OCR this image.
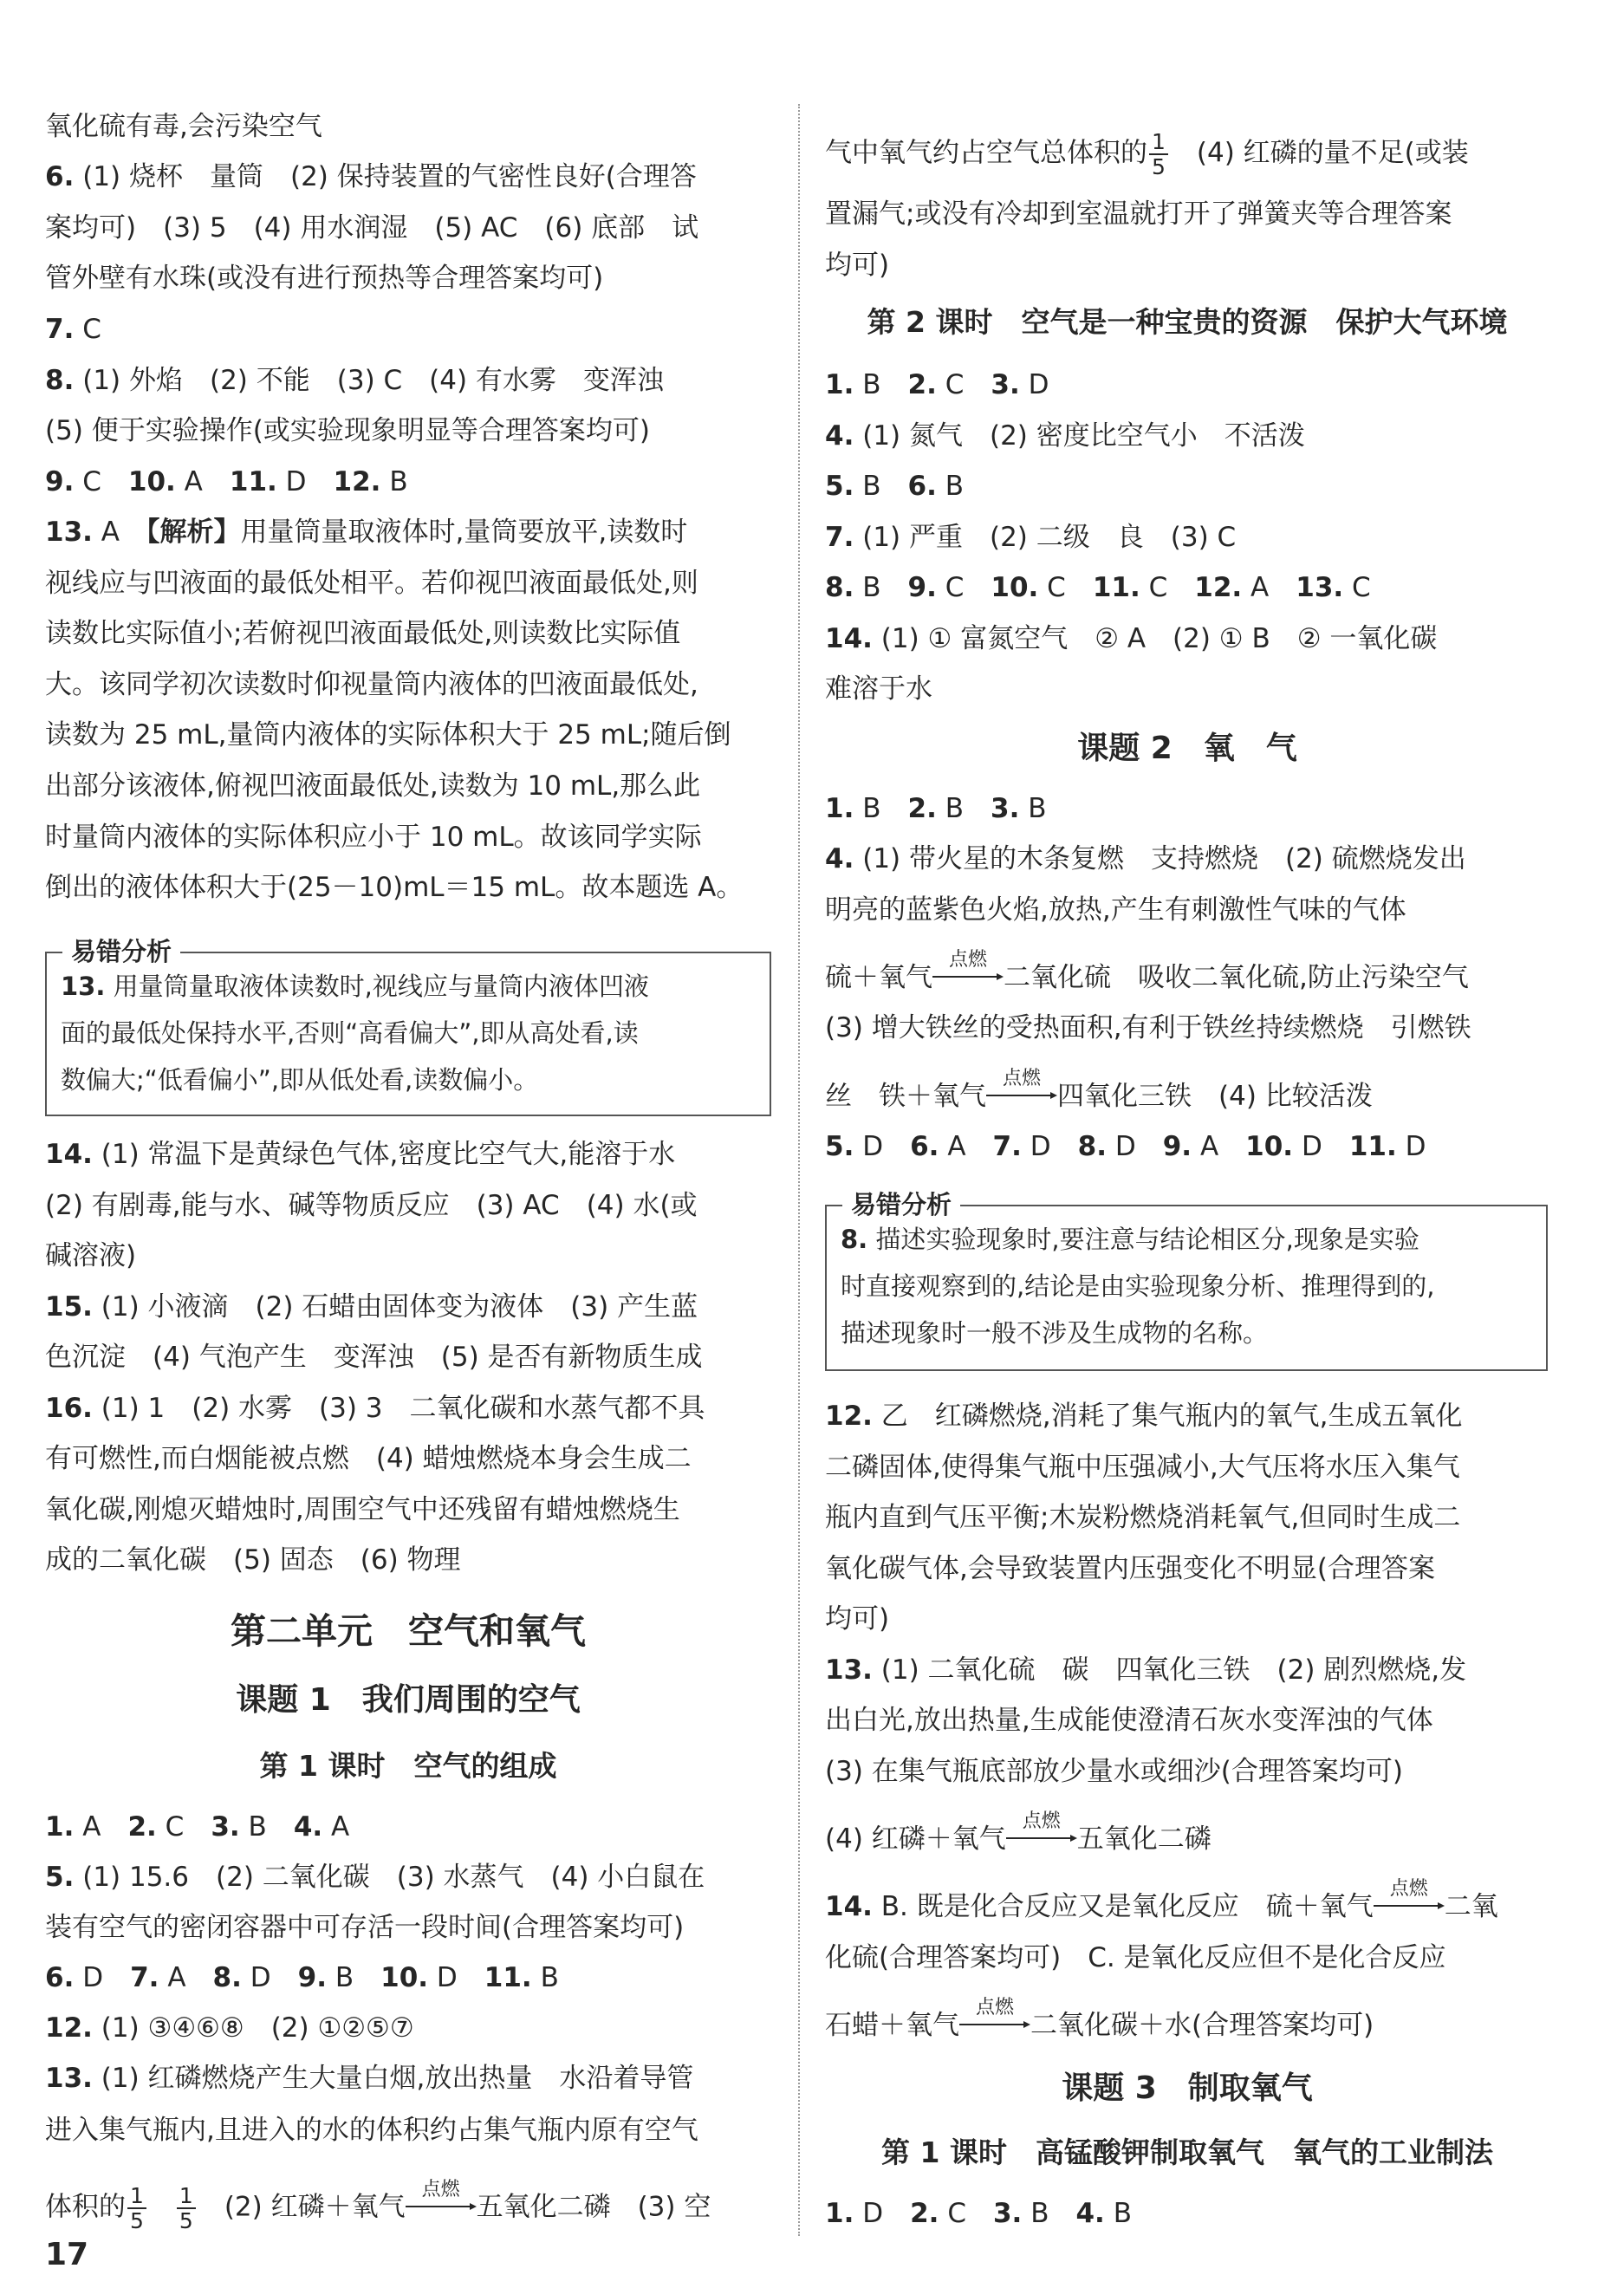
氧化硫有毒,会污染空气
6. (1) 烧杯　量筒　(2) 保持装置的气密性良好(合理答
案均可)　(3) 5　(4) 用水润湿　(5) AC　(6) 底部　试
管外壁有水珠(或没有进行预热等合理答案均可)
7. C
8. (1) 外焰　(2) 不能　(3) C　(4) 有水雾　变浑浊
(5) 便于实验操作(或实验现象明显等合理答案均可)
9. C　 10. A　 11. D　 12. B
13. A　 【解析】用量筒量取液体时,量筒要放平,读数时
视线应与凹液面的最低处相平。若仰视凹液面最低处,则
读数比实际值小;若俯视凹液面最低处,则读数比实际值
大。该同学初次读数时仰视量筒内液体的凹液面最低处,
读数为 25 mL,量筒内液体的实际体积大于 25 mL;随后倒
出部分该液体,俯视凹液面最低处,读数为 10 mL,那么此
时量筒内液体的实际体积应小于 10 mL。故该同学实际
倒出的液体体积大于(25－10)mL＝15 mL。故本题选 A。
易错分析
13. 用量筒量取液体读数时,视线应与量筒内液体凹液
面的最低处保持水平,否则“高看偏大”,即从高处看,读
数偏大;“低看偏小”,即从低处看,读数偏小。
14. (1) 常温下是黄绿色气体,密度比空气大,能溶于水
(2) 有剧毒,能与水、碱等物质反应　(3) AC　(4) 水(或
碱溶液)
15. (1) 小液滴　(2) 石蜡由固体变为液体　(3) 产生蓝
色沉淀　(4) 气泡产生　变浑浊　(5) 是否有新物质生成
16. (1) 1　(2) 水雾　(3) 3　二氧化碳和水蒸气都不具
有可燃性,而白烟能被点燃　(4) 蜡烛燃烧本身会生成二
氧化碳,刚熄灭蜡烛时,周围空气中还残留有蜡烛燃烧生
成的二氧化碳　(5) 固态　(6) 物理
第二单元　空气和氧气
课题 1　我们周围的空气
第 1 课时　空气的组成
1. A　 2. C　 3. B　 4. A
5. (1) 15.6　(2) 二氧化碳　(3) 水蒸气　(4) 小白鼠在
装有空气的密闭容器中可存活一段时间(合理答案均可)
6. D　 7. A　 8. D　 9. B　 10. D　 11. B
12. (1) ③④⑥⑧　(2) ①②⑤⑦
13. (1) 红磷燃烧产生大量白烟,放出热量　水沿着导管
进入集气瓶内,且进入的水的体积约占集气瓶内原有空气
体积的 $\frac{1}{5}$
　 $\frac{1}{5}$
　 (2) 红磷＋氧气
点燃
五氧化二磷　(3) 空
17
气中氧气约占空气总体积的 $\frac{1}{5}$
　 (4) 红磷的量不足(或装
置漏气;或没有冷却到室温就打开了弹簧夹等合理答案
均可)
第 2 课时　空气是一种宝贵的资源　保护大气环境
1. B　 2. C　 3. D
4. (1) 氮气　(2) 密度比空气小　不活泼
5. B　 6. B
7. (1) 严重　(2) 二级　良　(3) C
8. B　 9. C　 10. C　 11. C　 12. A　 13. C
14. (1) ① 富氮空气　② A　(2) ① B　② 一氧化碳
难溶于水
课题 2　氧　气
1. B　 2. B　 3. B
4. (1) 带火星的木条复燃　支持燃烧　(2) 硫燃烧发出
明亮的蓝紫色火焰,放热,产生有刺激性气味的气体
硫＋氧气
点燃
二氧化硫　吸收二氧化硫,防止污染空气
(3) 增大铁丝的受热面积,有利于铁丝持续燃烧　引燃铁
丝　铁＋氧气
点燃
四氧化三铁　(4) 比较活泼
5. D　 6. A　 7. D　 8. D　 9. A　 10. D　 11. D
易错分析
8. 描述实验现象时,要注意与结论相区分,现象是实验
时直接观察到的,结论是由实验现象分析、推理得到的,
描述现象时一般不涉及生成物的名称。
12. 乙　红磷燃烧,消耗了集气瓶内的氧气,生成五氧化
二磷固体,使得集气瓶中压强减小,大气压将水压入集气
瓶内直到气压平衡;木炭粉燃烧消耗氧气,但同时生成二
氧化碳气体,会导致装置内压强变化不明显(合理答案
均可)
13. (1) 二氧化硫　碳　四氧化三铁　(2) 剧烈燃烧,发
出白光,放出热量,生成能使澄清石灰水变浑浊的气体
(3) 在集气瓶底部放少量水或细沙(合理答案均可)
(4) 红磷＋氧气
点燃
五氧化二磷
14. B. 既是化合反应又是氧化反应　硫＋氧气
点燃
二氧
化硫(合理答案均可)　C. 是氧化反应但不是化合反应
石蜡＋氧气
点燃
二氧化碳＋水(合理答案均可)
课题 3　制取氧气
第 1 课时　高锰酸钾制取氧气　氧气的工业制法
1. D　 2. C　 3. B　 4. B
